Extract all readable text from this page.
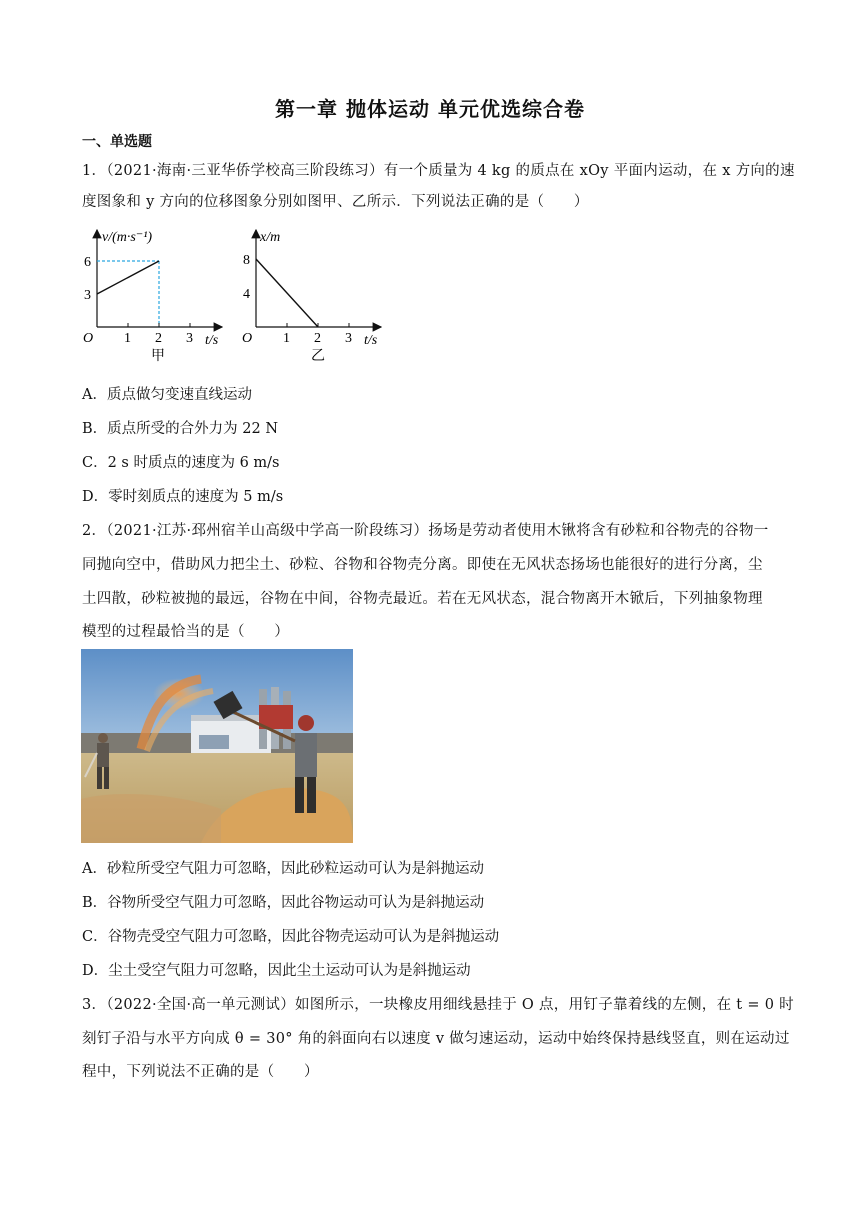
第一章 抛体运动 单元优选综合卷
一、单选题
1．（2021·海南·三亚华侨学校高三阶段练习）有一个质量为 4 kg 的质点在 xOy 平面内运动，在 x 方向的速
度图象和 y 方向的位移图象分别如图甲、乙所示．下列说法正确的是（　　）
v/(m·s⁻¹)
6
3
O 1 2 3 t/s
甲
x/m
8
4
O 1 2 3 t/s
乙
A．质点做匀变速直线运动
B．质点所受的合外力为 22 N
C．2 s 时质点的速度为 6 m/s
D．零时刻质点的速度为 5 m/s
2．（2021·江苏·邳州宿羊山高级中学高一阶段练习）扬场是劳动者使用木锹将含有砂粒和谷物壳的谷物一
同抛向空中，借助风力把尘土、砂粒、谷物和谷物壳分离。即使在无风状态扬场也能很好的进行分离，尘
土四散，砂粒被抛的最远，谷物在中间，谷物壳最近。若在无风状态，混合物离开木锨后，下列抽象物理
模型的过程最恰当的是（　　）
A．砂粒所受空气阻力可忽略，因此砂粒运动可认为是斜抛运动
B．谷物所受空气阻力可忽略，因此谷物运动可认为是斜抛运动
C．谷物壳受空气阻力可忽略，因此谷物壳运动可认为是斜抛运动
D．尘土受空气阻力可忽略，因此尘土运动可认为是斜抛运动
3．（2022·全国·高一单元测试）如图所示，一块橡皮用细线悬挂于 O 点，用钉子靠着线的左侧，在 t = 0 时
刻钉子沿与水平方向成 θ = 30° 角的斜面向右以速度 v 做匀速运动，运动中始终保持悬线竖直，则在运动过
程中，下列说法不正确的是（　　）
